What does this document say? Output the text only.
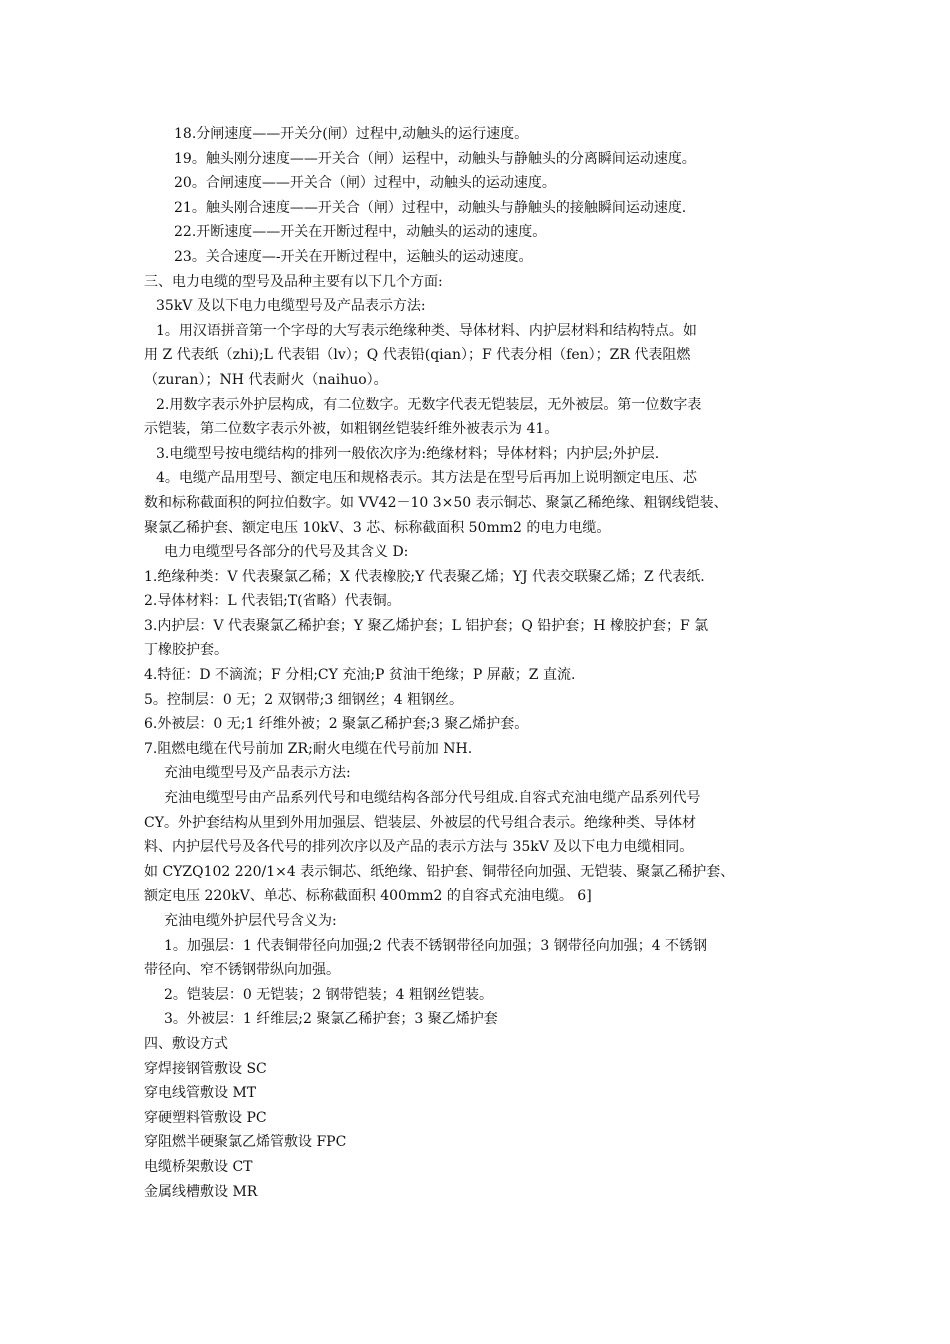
18.分闸速度——开关分(闸）过程中,动触头的运行速度。
19。触头刚分速度——开关合（闸）运程中，动触头与静触头的分离瞬间运动速度。
20。合闸速度——开关合（闸）过程中，动触头的运动速度。
21。触头刚合速度——开关合（闸）过程中，动触头与静触头的接触瞬间运动速度.
22.开断速度——开关在开断过程中，动触头的运动的速度。
23。关合速度—-开关在开断过程中，运触头的运动速度。
三、电力电缆的型号及品种主要有以下几个方面:
35kV 及以下电力电缆型号及产品表示方法:
1。用汉语拼音第一个字母的大写表示绝缘种类、导体材料、内护层材料和结构特点。如
用 Z 代表纸（zhi);L 代表铝（lv）；Q 代表铅(qian）；F 代表分相（fen）；ZR 代表阻燃
（zuran）；NH 代表耐火（naihuo）。
2.用数字表示外护层构成，有二位数字。无数字代表无铠装层，无外被层。第一位数字表
示铠装，第二位数字表示外被，如粗钢丝铠装纤维外被表示为 41。
3.电缆型号按电缆结构的排列一般依次序为:绝缘材料；导体材料；内护层;外护层.
4。电缆产品用型号、额定电压和规格表示。其方法是在型号后再加上说明额定电压、芯
数和标称截面积的阿拉伯数字。如 VV42－10 3×50 表示铜芯、聚氯乙稀绝缘、粗钢线铠装、
聚氯乙稀护套、额定电压 10kV、3 芯、标称截面积 50mm2 的电力电缆。
电力电缆型号各部分的代号及其含义 D:
1.绝缘种类：V 代表聚氯乙稀；X 代表橡胶;Y 代表聚乙烯；YJ 代表交联聚乙烯；Z 代表纸.
2.导体材料：L 代表铝;T(省略）代表铜。
3.内护层：V 代表聚氯乙稀护套；Y 聚乙烯护套；L 铝护套；Q 铅护套；H 橡胶护套；F 氯
丁橡胶护套。
4.特征：D 不滴流；F 分相;CY 充油;P 贫油干绝缘；P 屏蔽；Z 直流.
5。控制层：0 无；2 双钢带;3 细钢丝；4 粗钢丝。
6.外被层：0 无;1 纤维外被；2 聚氯乙稀护套;3 聚乙烯护套。
7.阻燃电缆在代号前加 ZR;耐火电缆在代号前加 NH.
充油电缆型号及产品表示方法:
充油电缆型号由产品系列代号和电缆结构各部分代号组成.自容式充油电缆产品系列代号
CY。外护套结构从里到外用加强层、铠装层、外被层的代号组合表示。绝缘种类、导体材
料、内护层代号及各代号的排列次序以及产品的表示方法与 35kV 及以下电力电缆相同。
如 CYZQ102 220/1×4 表示铜芯、纸绝缘、铅护套、铜带径向加强、无铠装、聚氯乙稀护套、
额定电压 220kV、单芯、标称截面积 400mm2 的自容式充油电缆。 6]
充油电缆外护层代号含义为:
1。加强层：1 代表铜带径向加强;2 代表不锈钢带径向加强；3 钢带径向加强；4 不锈钢
带径向、窄不锈钢带纵向加强。
2。铠装层：0 无铠装；2 钢带铠装；4 粗钢丝铠装。
3。外被层：1 纤维层;2 聚氯乙稀护套；3 聚乙烯护套
四、敷设方式
穿焊接钢管敷设 SC
穿电线管敷设 MT
穿硬塑料管敷设 PC
穿阻燃半硬聚氯乙烯管敷设 FPC
电缆桥架敷设 CT
金属线槽敷设 MR
